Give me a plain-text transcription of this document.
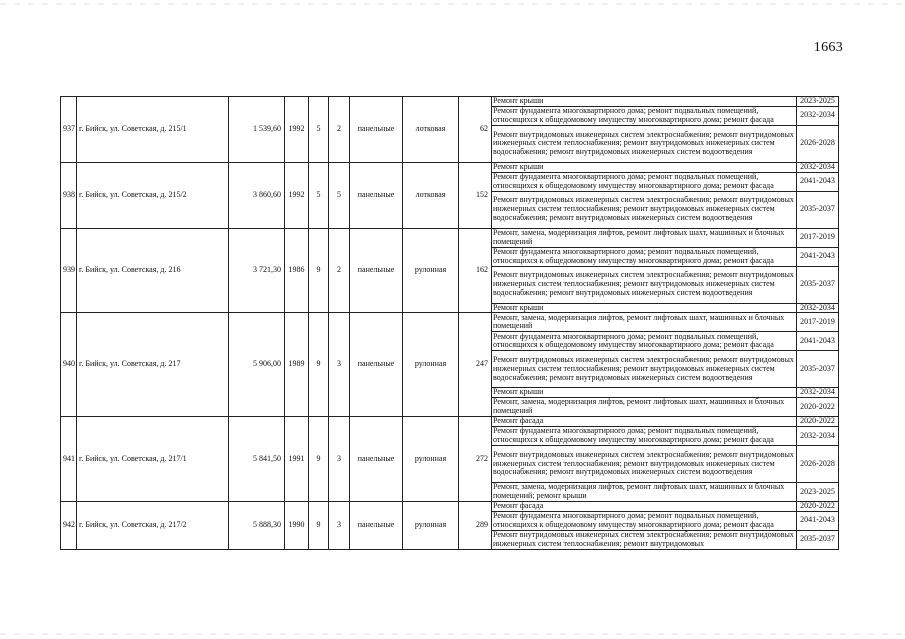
1663
937	г. Бийск, ул. Советская, д. 215/1	1 539,60	1992	5	2	панельные	лотковая	62	Ремонт крыши	2023-2025
									Ремонт фундамента многоквартирного дома; ремонт подвальных помещений, относящихся к общедомовому имуществу многоквартирного дома; ремонт фасада	2032-2034
									Ремонт внутридомовых инженерных систем электроснабжения; ремонт внутридомовых инженерных систем теплоснабжения; ремонт внутридомовых инженерных систем водоснабжения; ремонт внутридомовых инженерных систем водоотведения	2026-2028
938	г. Бийск, ул. Советская, д. 215/2	3 860,60	1992	5	5	панельные	лотковая	152	Ремонт крыши	2032-2034
									Ремонт фундамента многоквартирного дома; ремонт подвальных помещений, относящихся к общедомовому имуществу многоквартирного дома; ремонт фасада	2041-2043
									Ремонт внутридомовых инженерных систем электроснабжения; ремонт внутридомовых инженерных систем теплоснабжения; ремонт внутридомовых инженерных систем водоснабжения; ремонт внутридомовых инженерных систем водоотведения	2035-2037
939	г. Бийск, ул. Советская, д. 216	3 721,30	1986	9	2	панельные	рулонная	162	Ремонт, замена, модернизация лифтов, ремонт лифтовых шахт, машинных и блочных помещений	2017-2019
									Ремонт фундамента многоквартирного дома; ремонт подвальных помещений, относящихся к общедомовому имуществу многоквартирного дома; ремонт фасада	2041-2043
									Ремонт внутридомовых инженерных систем электроснабжения; ремонт внутридомовых инженерных систем теплоснабжения; ремонт внутридомовых инженерных систем водоснабжения; ремонт внутридомовых инженерных систем водоотведения	2035-2037
									Ремонт крыши	2032-2034
940	г. Бийск, ул. Советская, д. 217	5 906,00	1989	9	3	панельные	рулонная	247	Ремонт, замена, модернизация лифтов, ремонт лифтовых шахт, машинных и блочных помещений	2017-2019
									Ремонт фундамента многоквартирного дома; ремонт подвальных помещений, относящихся к общедомовому имуществу многоквартирного дома; ремонт фасада	2041-2043
									Ремонт внутридомовых инженерных систем электроснабжения; ремонт внутридомовых инженерных систем теплоснабжения; ремонт внутридомовых инженерных систем водоснабжения; ремонт внутридомовых инженерных систем водоотведения	2035-2037
									Ремонт крыши	2032-2034
									Ремонт, замена, модернизация лифтов, ремонт лифтовых шахт, машинных и блочных помещений	2020-2022
941	г. Бийск, ул. Советская, д. 217/1	5 841,50	1991	9	3	панельные	рулонная	272	Ремонт фасада	2020-2022
									Ремонт фундамента многоквартирного дома; ремонт подвальных помещений, относящихся к общедомовому имуществу многоквартирного дома; ремонт фасада	2032-2034
									Ремонт внутридомовых инженерных систем электроснабжения; ремонт внутридомовых инженерных систем теплоснабжения; ремонт внутридомовых инженерных систем водоснабжения; ремонт внутридомовых инженерных систем водоотведения	2026-2028
									Ремонт, замена, модернизация лифтов, ремонт лифтовых шахт, машинных и блочных помещений; ремонт крыши	2023-2025
942	г. Бийск, ул. Советская, д. 217/2	5 888,30	1990	9	3	панельные	рулонная	289	Ремонт фасада	2020-2022
									Ремонт фундамента многоквартирного дома; ремонт подвальных помещений, относящихся к общедомовому имуществу многоквартирного дома; ремонт фасада	2041-2043
									Ремонт внутридомовых инженерных систем электроснабжения; ремонт внутридомовых инженерных систем теплоснабжения; ремонт внутридомовых	2035-2037
